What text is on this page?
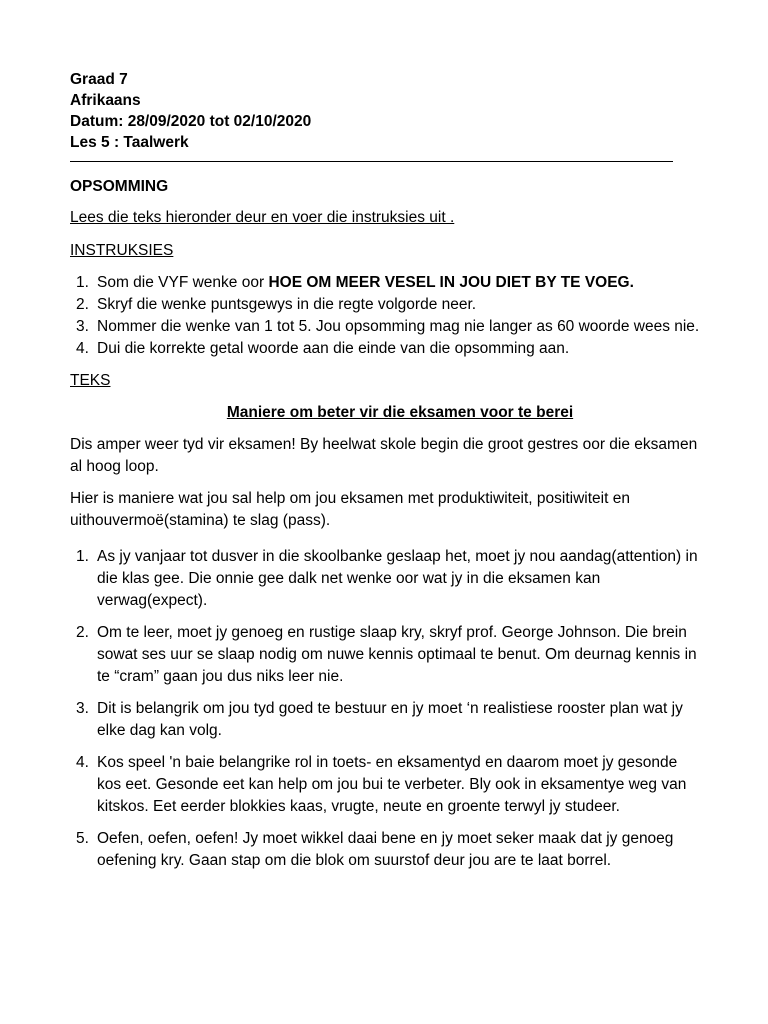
Graad 7
Afrikaans
Datum: 28/09/2020 tot 02/10/2020
Les 5 : Taalwerk
OPSOMMING
Lees die teks hieronder deur en voer die instruksies uit .
INSTRUKSIES
1. Som die VYF wenke oor HOE OM MEER VESEL IN JOU DIET BY TE VOEG.
2. Skryf die wenke puntsgewys in die regte volgorde neer.
3. Nommer die wenke van 1 tot 5. Jou opsomming mag nie langer as 60 woorde wees nie.
4. Dui die korrekte getal woorde aan die einde van die opsomming aan.
TEKS
Maniere om beter vir die eksamen voor te berei
Dis amper weer tyd vir eksamen! By heelwat skole begin die groot gestres oor die eksamen al hoog loop.
Hier is maniere wat jou sal help om jou eksamen met produktiwiteit, positiwiteit en uithouvermoë(stamina) te slag (pass).
1. As jy vanjaar tot dusver in die skoolbanke geslaap het, moet jy nou aandag(attention) in die klas gee. Die onnie gee dalk net wenke oor wat jy in die eksamen kan verwag(expect).
2. Om te leer, moet jy genoeg en rustige slaap kry, skryf prof. George Johnson. Die brein sowat ses uur se slaap nodig om nuwe kennis optimaal te benut. Om deurnag kennis in te “cram” gaan jou dus niks leer nie.
3. Dit is belangrik om jou tyd goed te bestuur en jy moet ‘n realistiese rooster plan wat jy elke dag kan volg.
4. Kos speel 'n baie belangrike rol in toets- en eksamentyd en daarom moet jy gesonde kos eet. Gesonde eet kan help om jou bui te verbeter. Bly ook in eksamentye weg van kitskos. Eet eerder blokkies kaas, vrugte, neute en groente terwyl jy studeer.
5. Oefen, oefen, oefen! Jy moet wikkel daai bene en jy moet seker maak dat jy genoeg oefening kry. Gaan stap om die blok om suurstof deur jou are te laat borrel.
